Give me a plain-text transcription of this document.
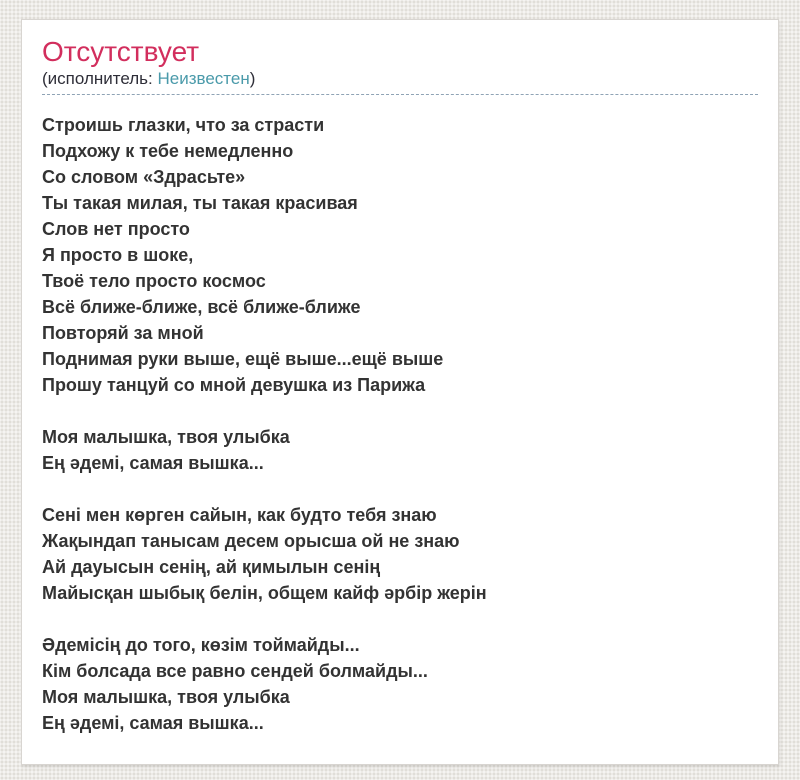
Отсутствует
(исполнитель: Неизвестен)
Строишь глазки, что за страсти
Подхожу к тебе немедленно
Со словом «Здрасьте»
Ты такая милая, ты такая красивая
Слов нет просто
Я просто в шоке,
Твоё тело просто космос
Всё ближе-ближе, всё ближе-ближе
Повторяй за мной
Поднимая руки выше, ещё выше...ещё выше
Прошу танцуй со мной девушка из Парижа
Моя малышка, твоя улыбка
Ең әдемі, самая вышка...
Сені мен көрген сайын, как будто тебя знаю
Жақындап танысам десем орысша ой не знаю
Ай дауысын сенің, ай қимылын сенің
Майысқан шыбық белін, общем кайф әрбір жерін
Әдемісің до того, көзім тоймайды...
Кім болсада все равно сендей болмайды...
Моя малышка, твоя улыбка
Ең әдемі, самая вышка...
